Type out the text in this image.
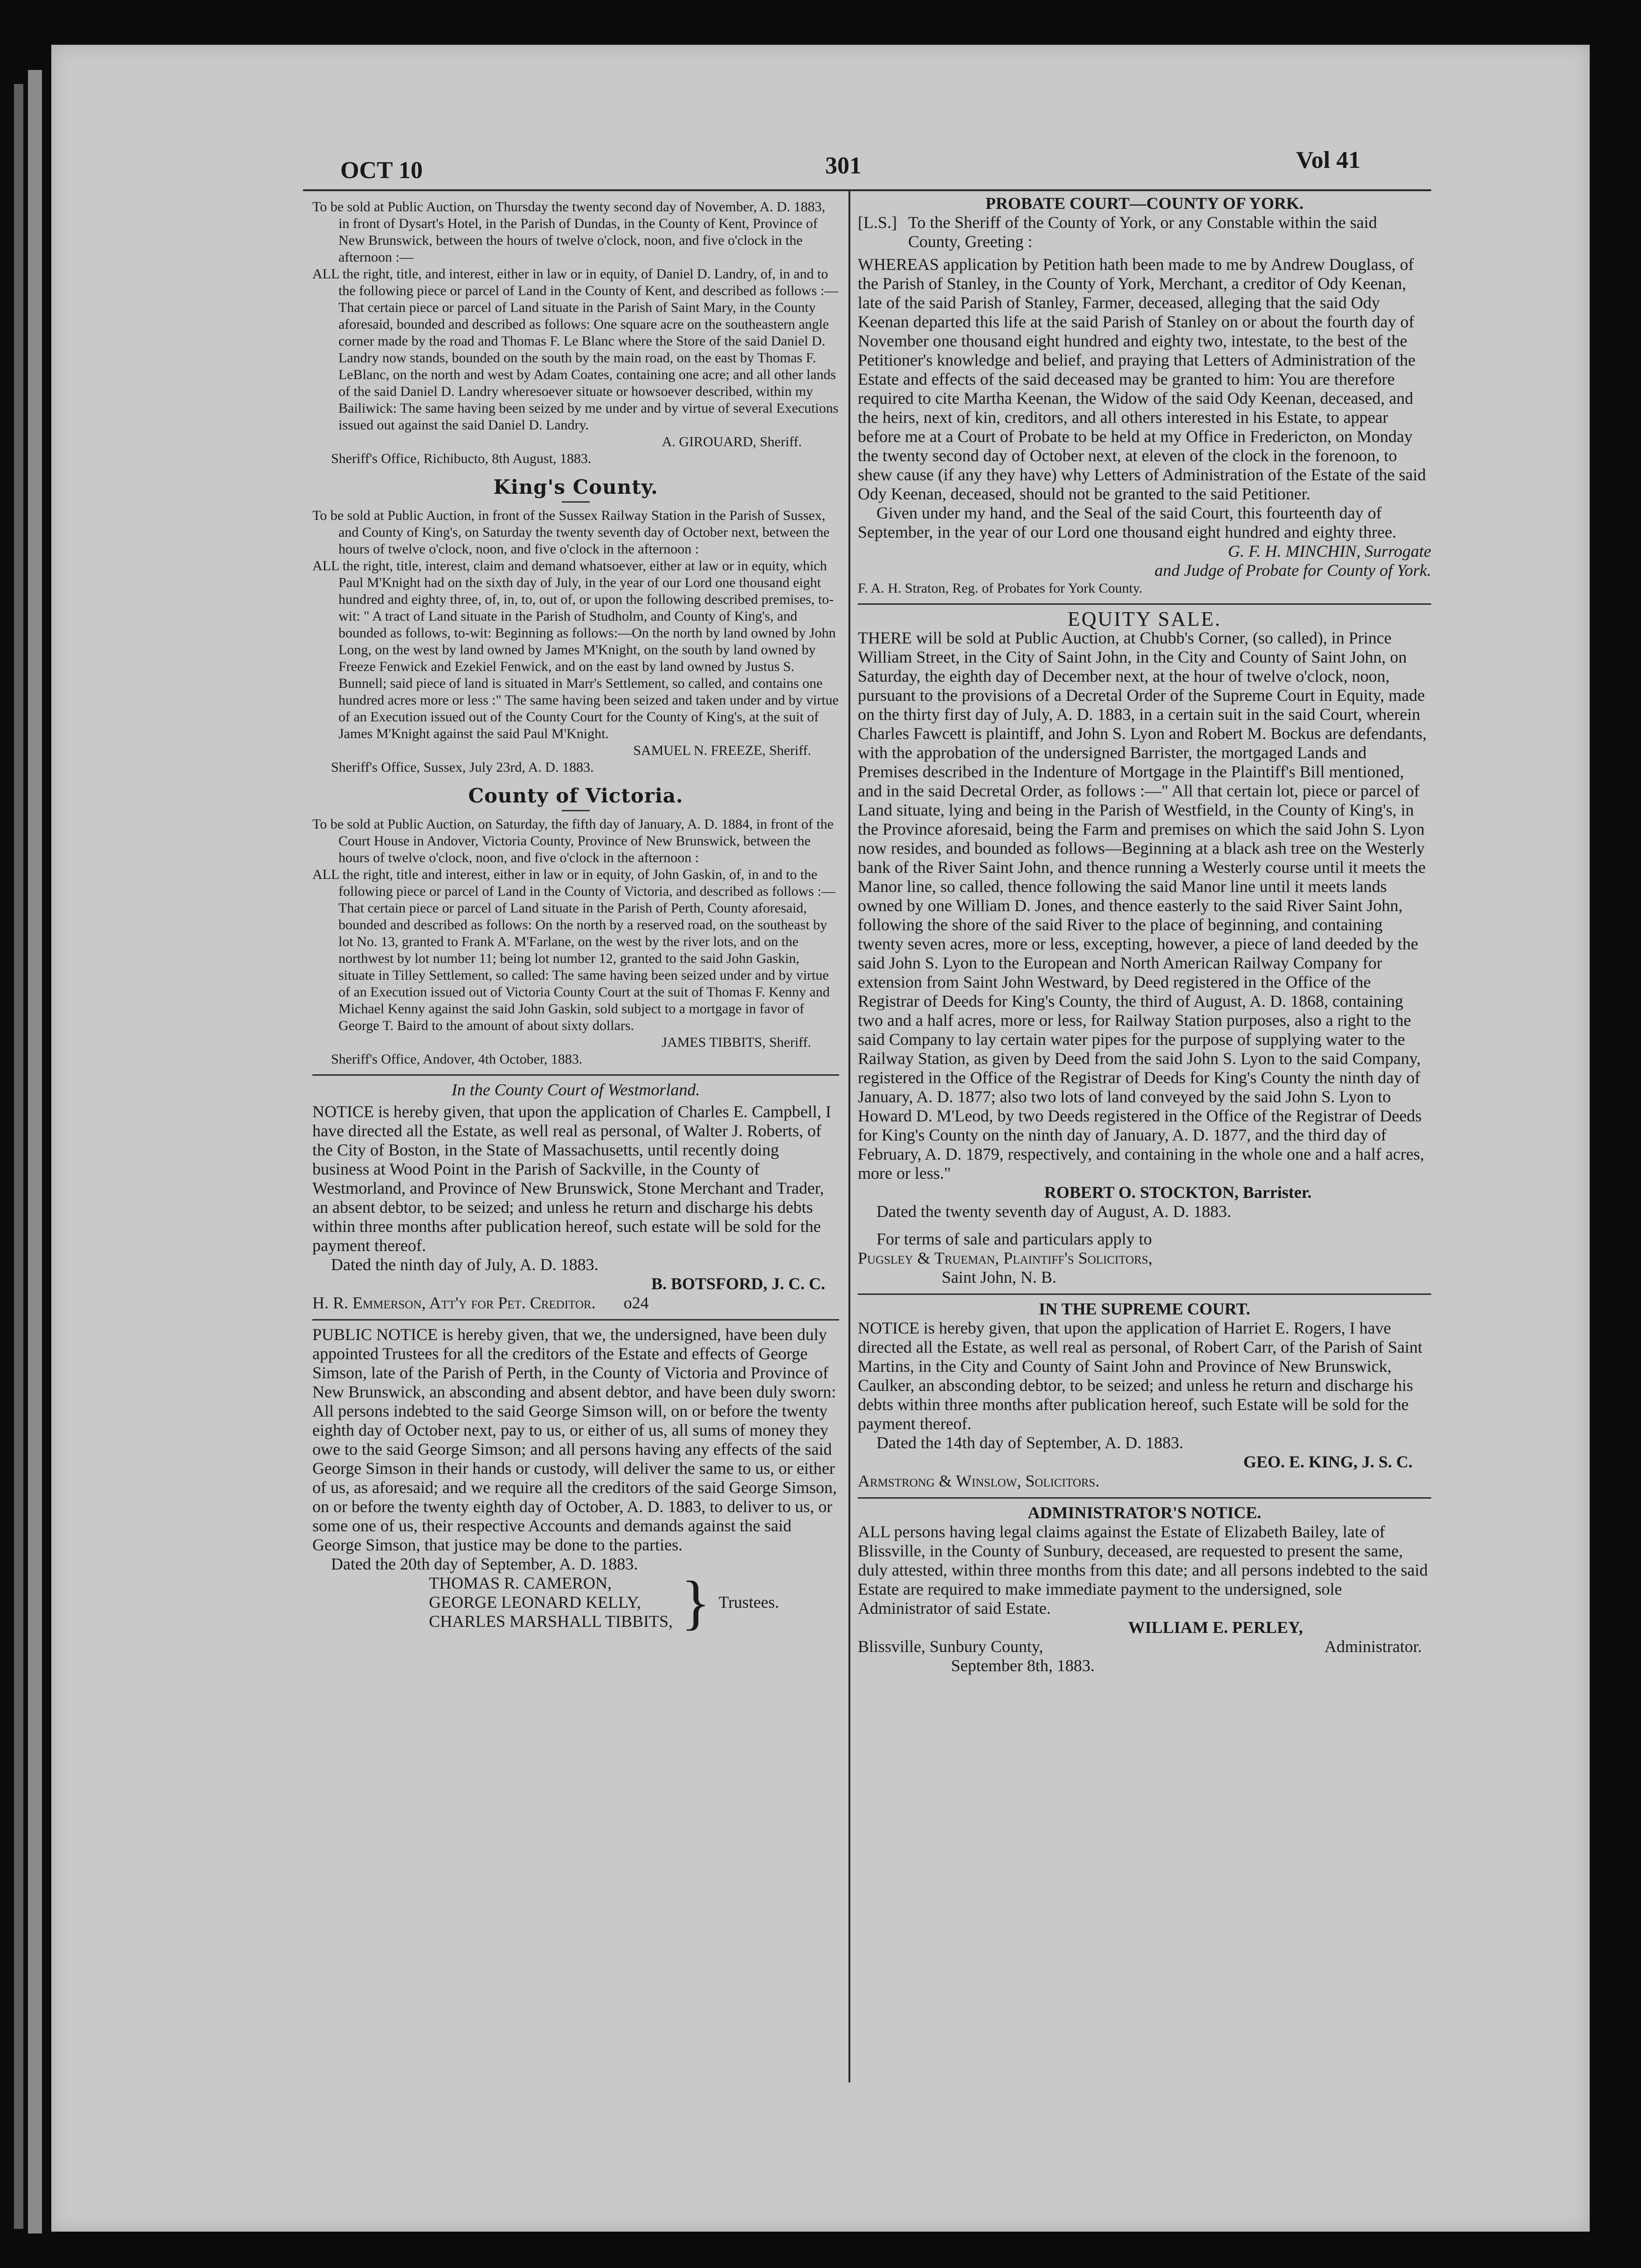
OCT 10	301	Vol 41

To be sold at Public Auction, on Thursday the twenty second day of November, A. D. 1883, in front of Dysart's Hotel, in the Parish of Dundas, in the County of Kent, Province of New Brunswick, between the hours of twelve o'clock, noon, and five o'clock in the afternoon :—

ALL the right, title, and interest, either in law or in equity, of Daniel D. Landry, of, in and to the following piece or parcel of Land in the County of Kent, and described as follows :—That certain piece or parcel of Land situate in the Parish of Saint Mary, in the County aforesaid, bounded and described as follows: One square acre on the southeastern angle corner made by the road and Thomas F. Le Blanc where the Store of the said Daniel D. Landry now stands, bounded on the south by the main road, on the east by Thomas F. LeBlanc, on the north and west by Adam Coates, containing one acre; and all other lands of the said Daniel D. Landry wheresoever situate or howsoever described, within my Bailiwick: The same having been seized by me under and by virtue of several Executions issued out against the said Daniel D. Landry.

A. GIROUARD, Sheriff.

Sheriff's Office, Richibucto, 8th August, 1883.

King's County.

To be sold at Public Auction, in front of the Sussex Railway Station in the Parish of Sussex, and County of King's, on Saturday the twenty seventh day of October next, between the hours of twelve o'clock, noon, and five o'clock in the afternoon :

ALL the right, title, interest, claim and demand whatsoever, either at law or in equity, which Paul M'Knight had on the sixth day of July, in the year of our Lord one thousand eight hundred and eighty three, of, in, to, out of, or upon the following described premises, to-wit: " A tract of Land situate in the Parish of Studholm, and County of King's, and bounded as follows, to-wit: Beginning as follows:—On the north by land owned by John Long, on the west by land owned by James M'Knight, on the south by land owned by Freeze Fenwick and Ezekiel Fenwick, and on the east by land owned by Justus S. Bunnell; said piece of land is situated in Marr's Settlement, so called, and contains one hundred acres more or less :" The same having been seized and taken under and by virtue of an Execution issued out of the County Court for the County of King's, at the suit of James M'Knight against the said Paul M'Knight.

SAMUEL N. FREEZE, Sheriff.

Sheriff's Office, Sussex, July 23rd, A. D. 1883.

County of Victoria.

To be sold at Public Auction, on Saturday, the fifth day of January, A. D. 1884, in front of the Court House in Andover, Victoria County, Province of New Brunswick, between the hours of twelve o'clock, noon, and five o'clock in the afternoon :

ALL the right, title and interest, either in law or in equity, of John Gaskin, of, in and to the following piece or parcel of Land in the County of Victoria, and described as follows :—That certain piece or parcel of Land situate in the Parish of Perth, County aforesaid, bounded and described as follows: On the north by a reserved road, on the southeast by lot No. 13, granted to Frank A. M'Farlane, on the west by the river lots, and on the northwest by lot number 11; being lot number 12, granted to the said John Gaskin, situate in Tilley Settlement, so called: The same having been seized under and by virtue of an Execution issued out of Victoria County Court at the suit of Thomas F. Kenny and Michael Kenny against the said John Gaskin, sold subject to a mortgage in favor of George T. Baird to the amount of about sixty dollars.

JAMES TIBBITS, Sheriff.

Sheriff's Office, Andover, 4th October, 1883.

In the County Court of Westmorland.

NOTICE is hereby given, that upon the application of Charles E. Campbell, I have directed all the Estate, as well real as personal, of Walter J. Roberts, of the City of Boston, in the State of Massachusetts, until recently doing business at Wood Point in the Parish of Sackville, in the County of Westmorland, and Province of New Brunswick, Stone Merchant and Trader, an absent debtor, to be seized; and unless he return and discharge his debts within three months after publication hereof, such estate will be sold for the payment thereof.

Dated the ninth day of July, A. D. 1883.

B. BOTSFORD, J. C. C.

H. R. Emmerson, Att'y for Pet. Creditor. o24

PUBLIC NOTICE is hereby given, that we, the undersigned, have been duly appointed Trustees for all the creditors of the Estate and effects of George Simson, late of the Parish of Perth, in the County of Victoria and Province of New Brunswick, an absconding and absent debtor, and have been duly sworn: All persons indebted to the said George Simson will, on or before the twenty eighth day of October next, pay to us, or either of us, all sums of money they owe to the said George Simson; and all persons having any effects of the said George Simson in their hands or custody, will deliver the same to us, or either of us, as aforesaid; and we require all the creditors of the said George Simson, on or before the twenty eighth day of October, A. D. 1883, to deliver to us, or some one of us, their respective Accounts and demands against the said George Simson, that justice may be done to the parties.

Dated the 20th day of September, A. D. 1883.

THOMAS R. CAMERON,

GEORGE LEONARD KELLY,

CHARLES MARSHALL TIBBITS, } Trustees.

PROBATE COURT—COUNTY OF YORK.

[L.S.] To the Sheriff of the County of York, or any Constable within the said County, Greeting :

WHEREAS application by Petition hath been made to me by Andrew Douglass, of the Parish of Stanley, in the County of York, Merchant, a creditor of Ody Keenan, late of the said Parish of Stanley, Farmer, deceased, alleging that the said Ody Keenan departed this life at the said Parish of Stanley on or about the fourth day of November one thousand eight hundred and eighty two, intestate, to the best of the Petitioner's knowledge and belief, and praying that Letters of Administration of the Estate and effects of the said deceased may be granted to him: You are therefore required to cite Martha Keenan, the Widow of the said Ody Keenan, deceased, and the heirs, next of kin, creditors, and all others interested in his Estate, to appear before me at a Court of Probate to be held at my Office in Fredericton, on Monday the twenty second day of October next, at eleven of the clock in the forenoon, to shew cause (if any they have) why Letters of Administration of the Estate of the said Ody Keenan, deceased, should not be granted to the said Petitioner.

Given under my hand, and the Seal of the said Court, this fourteenth day of September, in the year of our Lord one thousand eight hundred and eighty three.

G. F. H. MINCHIN, Surrogate

and Judge of Probate for County of York.

F. A. H. Straton, Reg. of Probates for York County.

EQUITY SALE.

THERE will be sold at Public Auction, at Chubb's Corner, (so called), in Prince William Street, in the City of Saint John, in the City and County of Saint John, on Saturday, the eighth day of December next, at the hour of twelve o'clock, noon, pursuant to the provisions of a Decretal Order of the Supreme Court in Equity, made on the thirty first day of July, A. D. 1883, in a certain suit in the said Court, wherein Charles Fawcett is plaintiff, and John S. Lyon and Robert M. Bockus are defendants, with the approbation of the undersigned Barrister, the mortgaged Lands and Premises described in the Indenture of Mortgage in the Plaintiff's Bill mentioned, and in the said Decretal Order, as follows :—" All that certain lot, piece or parcel of Land situate, lying and being in the Parish of Westfield, in the County of King's, in the Province aforesaid, being the Farm and premises on which the said John S. Lyon now resides, and bounded as follows—Beginning at a black ash tree on the Westerly bank of the River Saint John, and thence running a Westerly course until it meets the Manor line, so called, thence following the said Manor line until it meets lands owned by one William D. Jones, and thence easterly to the said River Saint John, following the shore of the said River to the place of beginning, and containing twenty seven acres, more or less, excepting, however, a piece of land deeded by the said John S. Lyon to the European and North American Railway Company for extension from Saint John Westward, by Deed registered in the Office of the Registrar of Deeds for King's County, the third of August, A. D. 1868, containing two and a half acres, more or less, for Railway Station purposes, also a right to the said Company to lay certain water pipes for the purpose of supplying water to the Railway Station, as given by Deed from the said John S. Lyon to the said Company, registered in the Office of the Registrar of Deeds for King's County the ninth day of January, A. D. 1877; also two lots of land conveyed by the said John S. Lyon to Howard D. M'Leod, by two Deeds registered in the Office of the Registrar of Deeds for King's County on the ninth day of January, A. D. 1877, and the third day of February, A. D. 1879, respectively, and containing in the whole one and a half acres, more or less."

ROBERT O. STOCKTON, Barrister.

Dated the twenty seventh day of August, A. D. 1883.

For terms of sale and particulars apply to

Pugsley & Trueman, Plaintiff's Solicitors,

Saint John, N. B.

IN THE SUPREME COURT.

NOTICE is hereby given, that upon the application of Harriet E. Rogers, I have directed all the Estate, as well real as personal, of Robert Carr, of the Parish of Saint Martins, in the City and County of Saint John and Province of New Brunswick, Caulker, an absconding debtor, to be seized; and unless he return and discharge his debts within three months after publication hereof, such Estate will be sold for the payment thereof.

Dated the 14th day of September, A. D. 1883.

GEO. E. KING, J. S. C.

Armstrong & Winslow, Solicitors.

ADMINISTRATOR'S NOTICE.

ALL persons having legal claims against the Estate of Elizabeth Bailey, late of Blissville, in the County of Sunbury, deceased, are requested to present the same, duly attested, within three months from this date; and all persons indebted to the said Estate are required to make immediate payment to the undersigned, sole Administrator of said Estate.

WILLIAM E. PERLEY,

Blissville, Sunbury County,	Administrator.

September 8th, 1883.
